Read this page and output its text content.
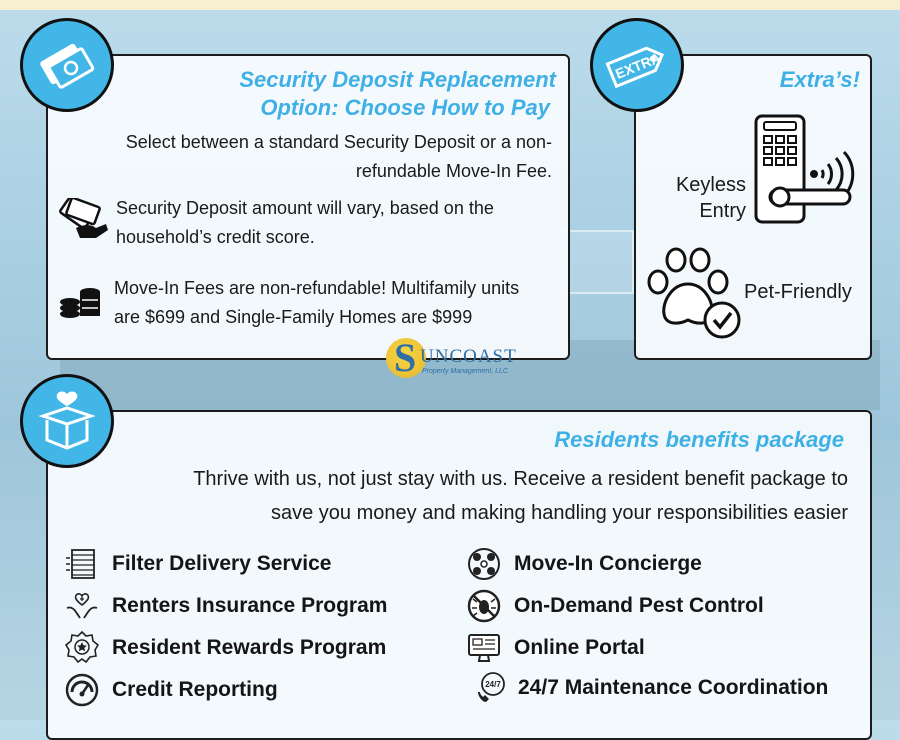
Security Deposit Replacement
Option: Choose How to Pay
Select between a standard Security Deposit or a non-
refundable Move-In Fee.
Security Deposit amount will vary, based on the
household’s credit score.
Move-In Fees are non-refundable! Multifamily units
are $699 and Single-Family Homes are $999
EXTRA	Extra’s!
Keyless
Entry
Pet-Friendly
S UNCOAST
Property Management, LLC
Residents benefits package
Thrive with us, not just stay with us. Receive a resident benefit package to
save you money and making handling your responsibilities easier
Filter Delivery Service
Renters Insurance Program
Resident Rewards Program
Credit Reporting
Move-In Concierge
On-Demand Pest Control
Online Portal
24/7 24/7 Maintenance Coordination
